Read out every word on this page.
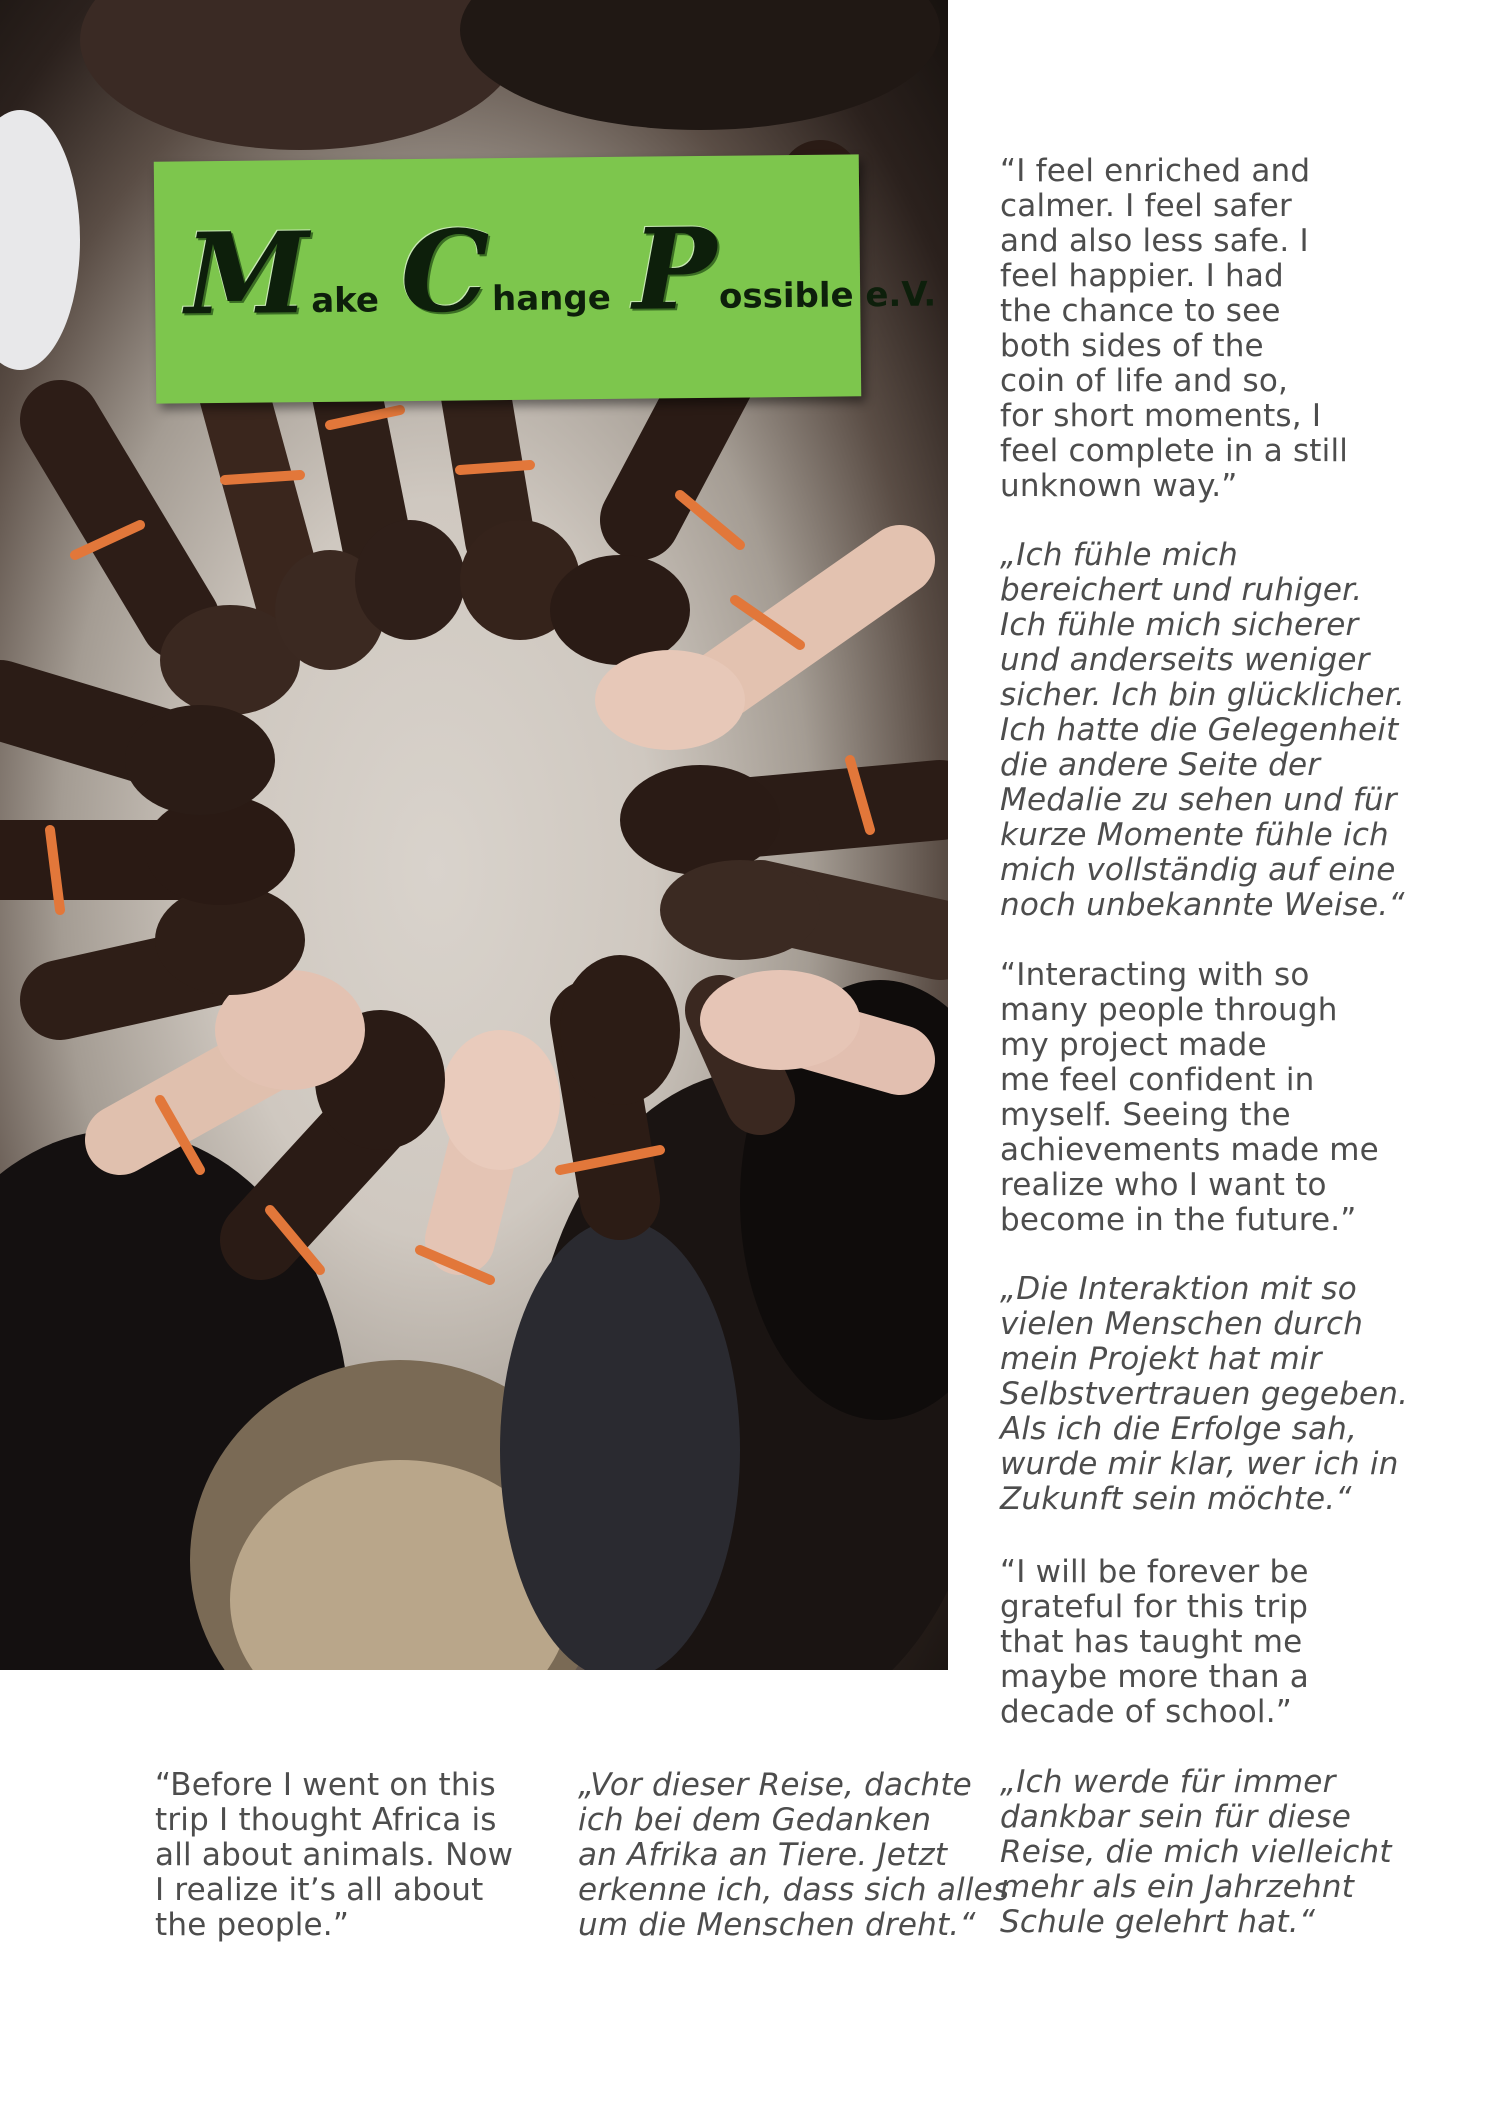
Make Change Possible e.V.

“I feel enriched and
calmer. I feel safer
and also less safe. I
feel happier. I had
the chance to see
both sides of the
coin of life and so,
for short moments, I
feel complete in a still
unknown way.”

„Ich fühle mich
bereichert und ruhiger.
Ich fühle mich sicherer
und anderseits weniger
sicher. Ich bin glücklicher.
Ich hatte die Gelegenheit
die andere Seite der
Medalie zu sehen und für
kurze Momente fühle ich
mich vollständig auf eine
noch unbekannte Weise.“

“Interacting with so
many people through
my project made
me feel confident in
myself. Seeing the
achievements made me
realize who I want to
become in the future.”

„Die Interaktion mit so
vielen Menschen durch
mein Projekt hat mir
Selbstvertrauen gegeben.
Als ich die Erfolge sah,
wurde mir klar, wer ich in
Zukunft sein möchte.“

“I will be forever be
grateful for this trip
that has taught me
maybe more than a
decade of school.”

„Ich werde für immer
dankbar sein für diese
Reise, die mich vielleicht
mehr als ein Jahrzehnt
Schule gelehrt hat.“

“Before I went on this
trip I thought Africa is
all about animals. Now
I realize it’s all about
the people.”

„Vor dieser Reise, dachte
ich bei dem Gedanken
an Afrika an Tiere. Jetzt
erkenne ich, dass sich alles
um die Menschen dreht.“
